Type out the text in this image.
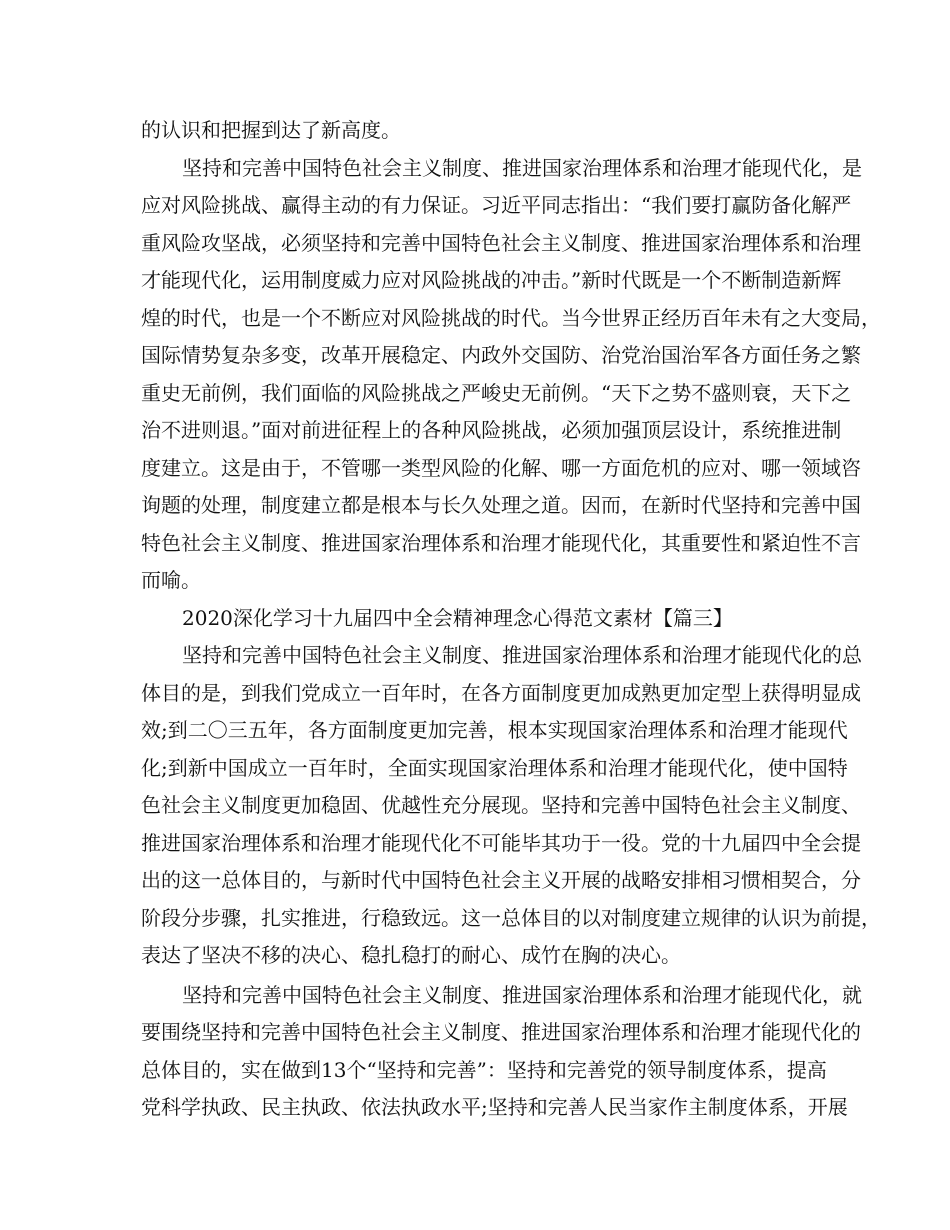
的认识和把握到达了新高度。
坚持和完善中国特色社会主义制度、推进国家治理体系和治理才能现代化，是
应对风险挑战、赢得主动的有力保证。习近平同志指出：“我们要打赢防备化解严
重风险攻坚战，必须坚持和完善中国特色社会主义制度、推进国家治理体系和治理
才能现代化，运用制度威力应对风险挑战的冲击。”新时代既是一个不断制造新辉
煌的时代，也是一个不断应对风险挑战的时代。当今世界正经历百年未有之大变局，
国际情势复杂多变，改革开展稳定、内政外交国防、治党治国治军各方面任务之繁
重史无前例，我们面临的风险挑战之严峻史无前例。“天下之势不盛则衰，天下之
治不进则退。”面对前进征程上的各种风险挑战，必须加强顶层设计，系统推进制
度建立。这是由于，不管哪一类型风险的化解、哪一方面危机的应对、哪一领域咨
询题的处理，制度建立都是根本与长久处理之道。因而，在新时代坚持和完善中国
特色社会主义制度、推进国家治理体系和治理才能现代化，其重要性和紧迫性不言
而喻。
2020深化学习十九届四中全会精神理念心得范文素材【篇三】
坚持和完善中国特色社会主义制度、推进国家治理体系和治理才能现代化的总
体目的是，到我们党成立一百年时，在各方面制度更加成熟更加定型上获得明显成
效;到二〇三五年，各方面制度更加完善，根本实现国家治理体系和治理才能现代
化;到新中国成立一百年时，全面实现国家治理体系和治理才能现代化，使中国特
色社会主义制度更加稳固、优越性充分展现。坚持和完善中国特色社会主义制度、
推进国家治理体系和治理才能现代化不可能毕其功于一役。党的十九届四中全会提
出的这一总体目的，与新时代中国特色社会主义开展的战略安排相习惯相契合，分
阶段分步骤，扎实推进，行稳致远。这一总体目的以对制度建立规律的认识为前提，
表达了坚决不移的决心、稳扎稳打的耐心、成竹在胸的决心。
坚持和完善中国特色社会主义制度、推进国家治理体系和治理才能现代化，就
要围绕坚持和完善中国特色社会主义制度、推进国家治理体系和治理才能现代化的
总体目的，实在做到13个“坚持和完善”：坚持和完善党的领导制度体系，提高
党科学执政、民主执政、依法执政水平;坚持和完善人民当家作主制度体系，开展
